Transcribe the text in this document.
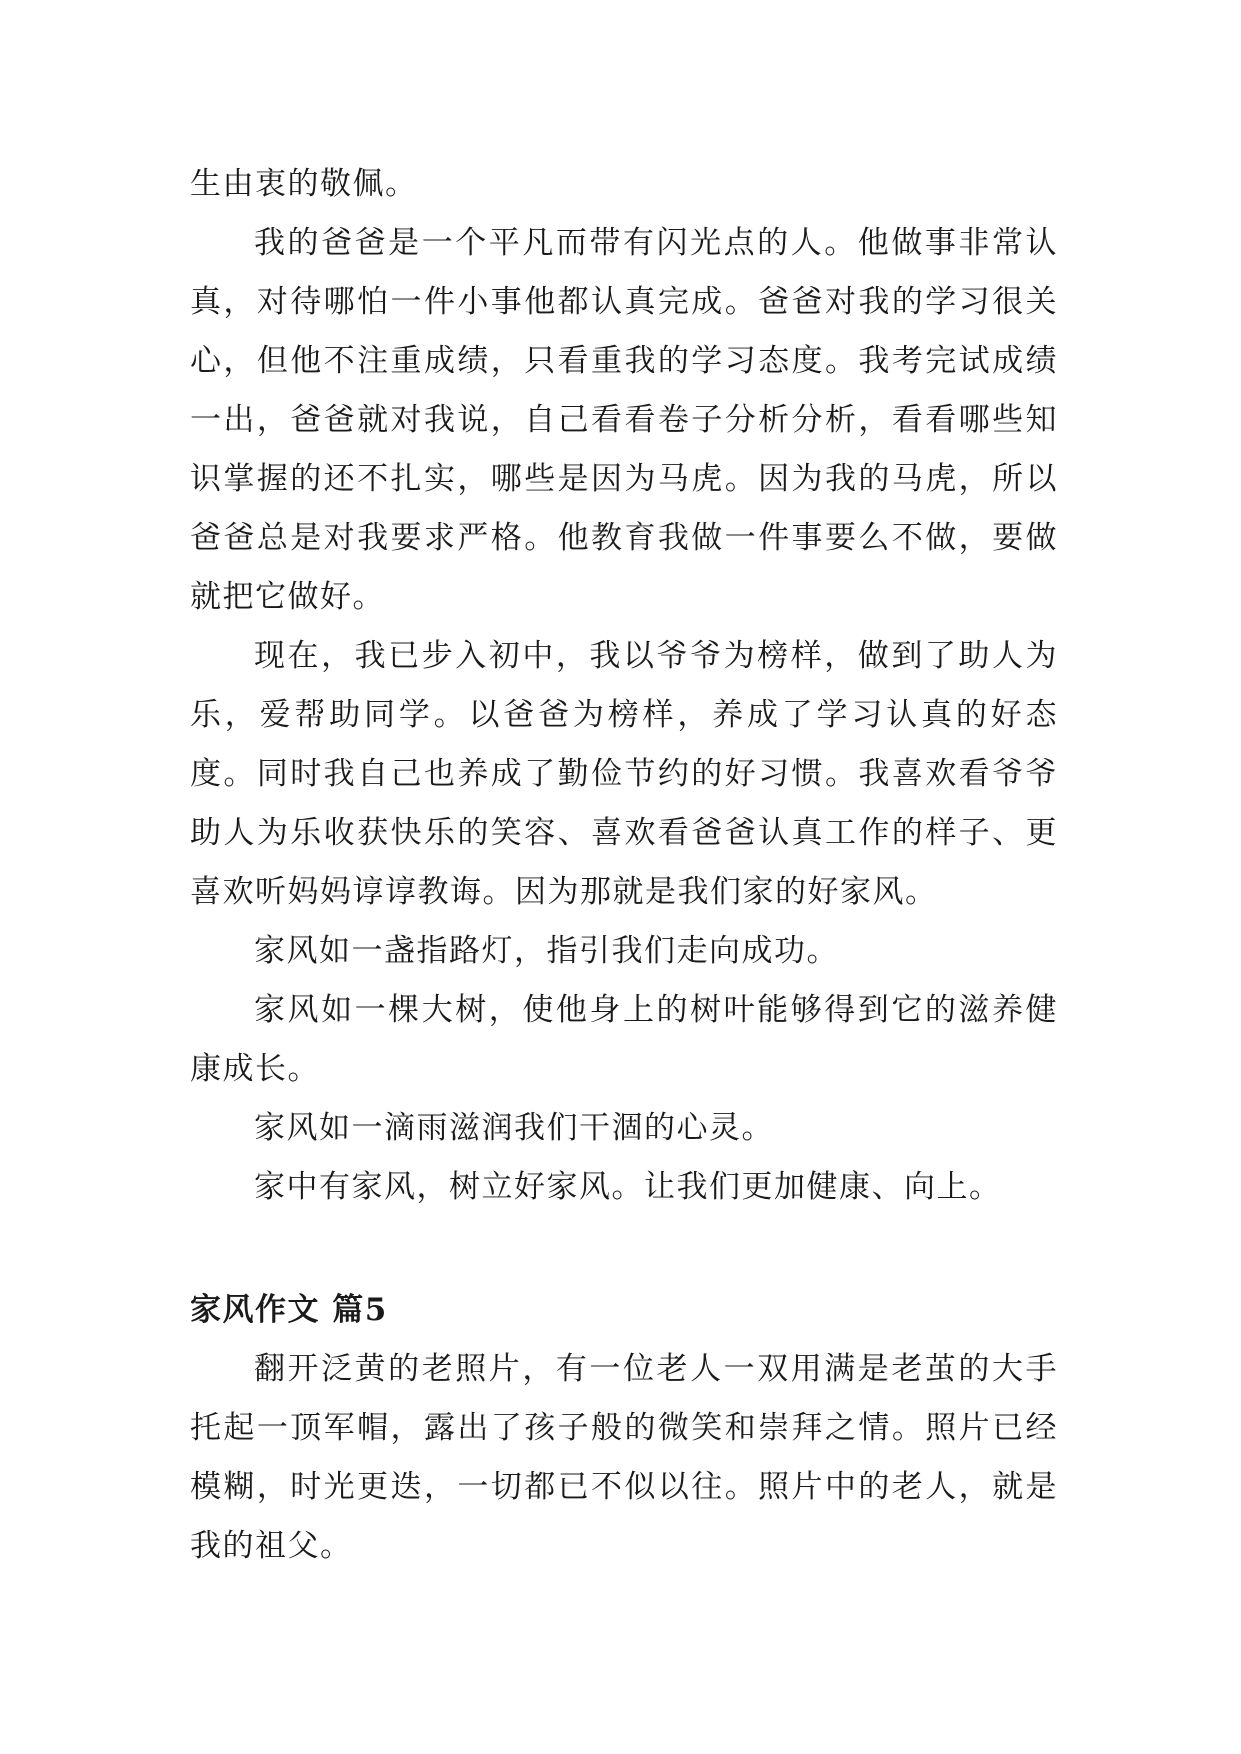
生由衷的敬佩。

我的爸爸是一个平凡而带有闪光点的人。他做事非常认真，对待哪怕一件小事他都认真完成。爸爸对我的学习很关心，但他不注重成绩，只看重我的学习态度。我考完试成绩一出，爸爸就对我说，自己看看卷子分析分析，看看哪些知识掌握的还不扎实，哪些是因为马虎。因为我的马虎，所以爸爸总是对我要求严格。他教育我做一件事要么不做，要做就把它做好。

现在，我已步入初中，我以爷爷为榜样，做到了助人为乐，爱帮助同学。以爸爸为榜样，养成了学习认真的好态度。同时我自己也养成了勤俭节约的好习惯。我喜欢看爷爷助人为乐收获快乐的笑容、喜欢看爸爸认真工作的样子、更喜欢听妈妈谆谆教诲。因为那就是我们家的好家风。

家风如一盏指路灯，指引我们走向成功。

家风如一棵大树，使他身上的树叶能够得到它的滋养健康成长。

家风如一滴雨滋润我们干涸的心灵。

家中有家风，树立好家风。让我们更加健康、向上。

家风作文 篇5

翻开泛黄的老照片，有一位老人一双用满是老茧的大手托起一顶军帽，露出了孩子般的微笑和崇拜之情。照片已经模糊，时光更迭，一切都已不似以往。照片中的老人，就是我的祖父。
